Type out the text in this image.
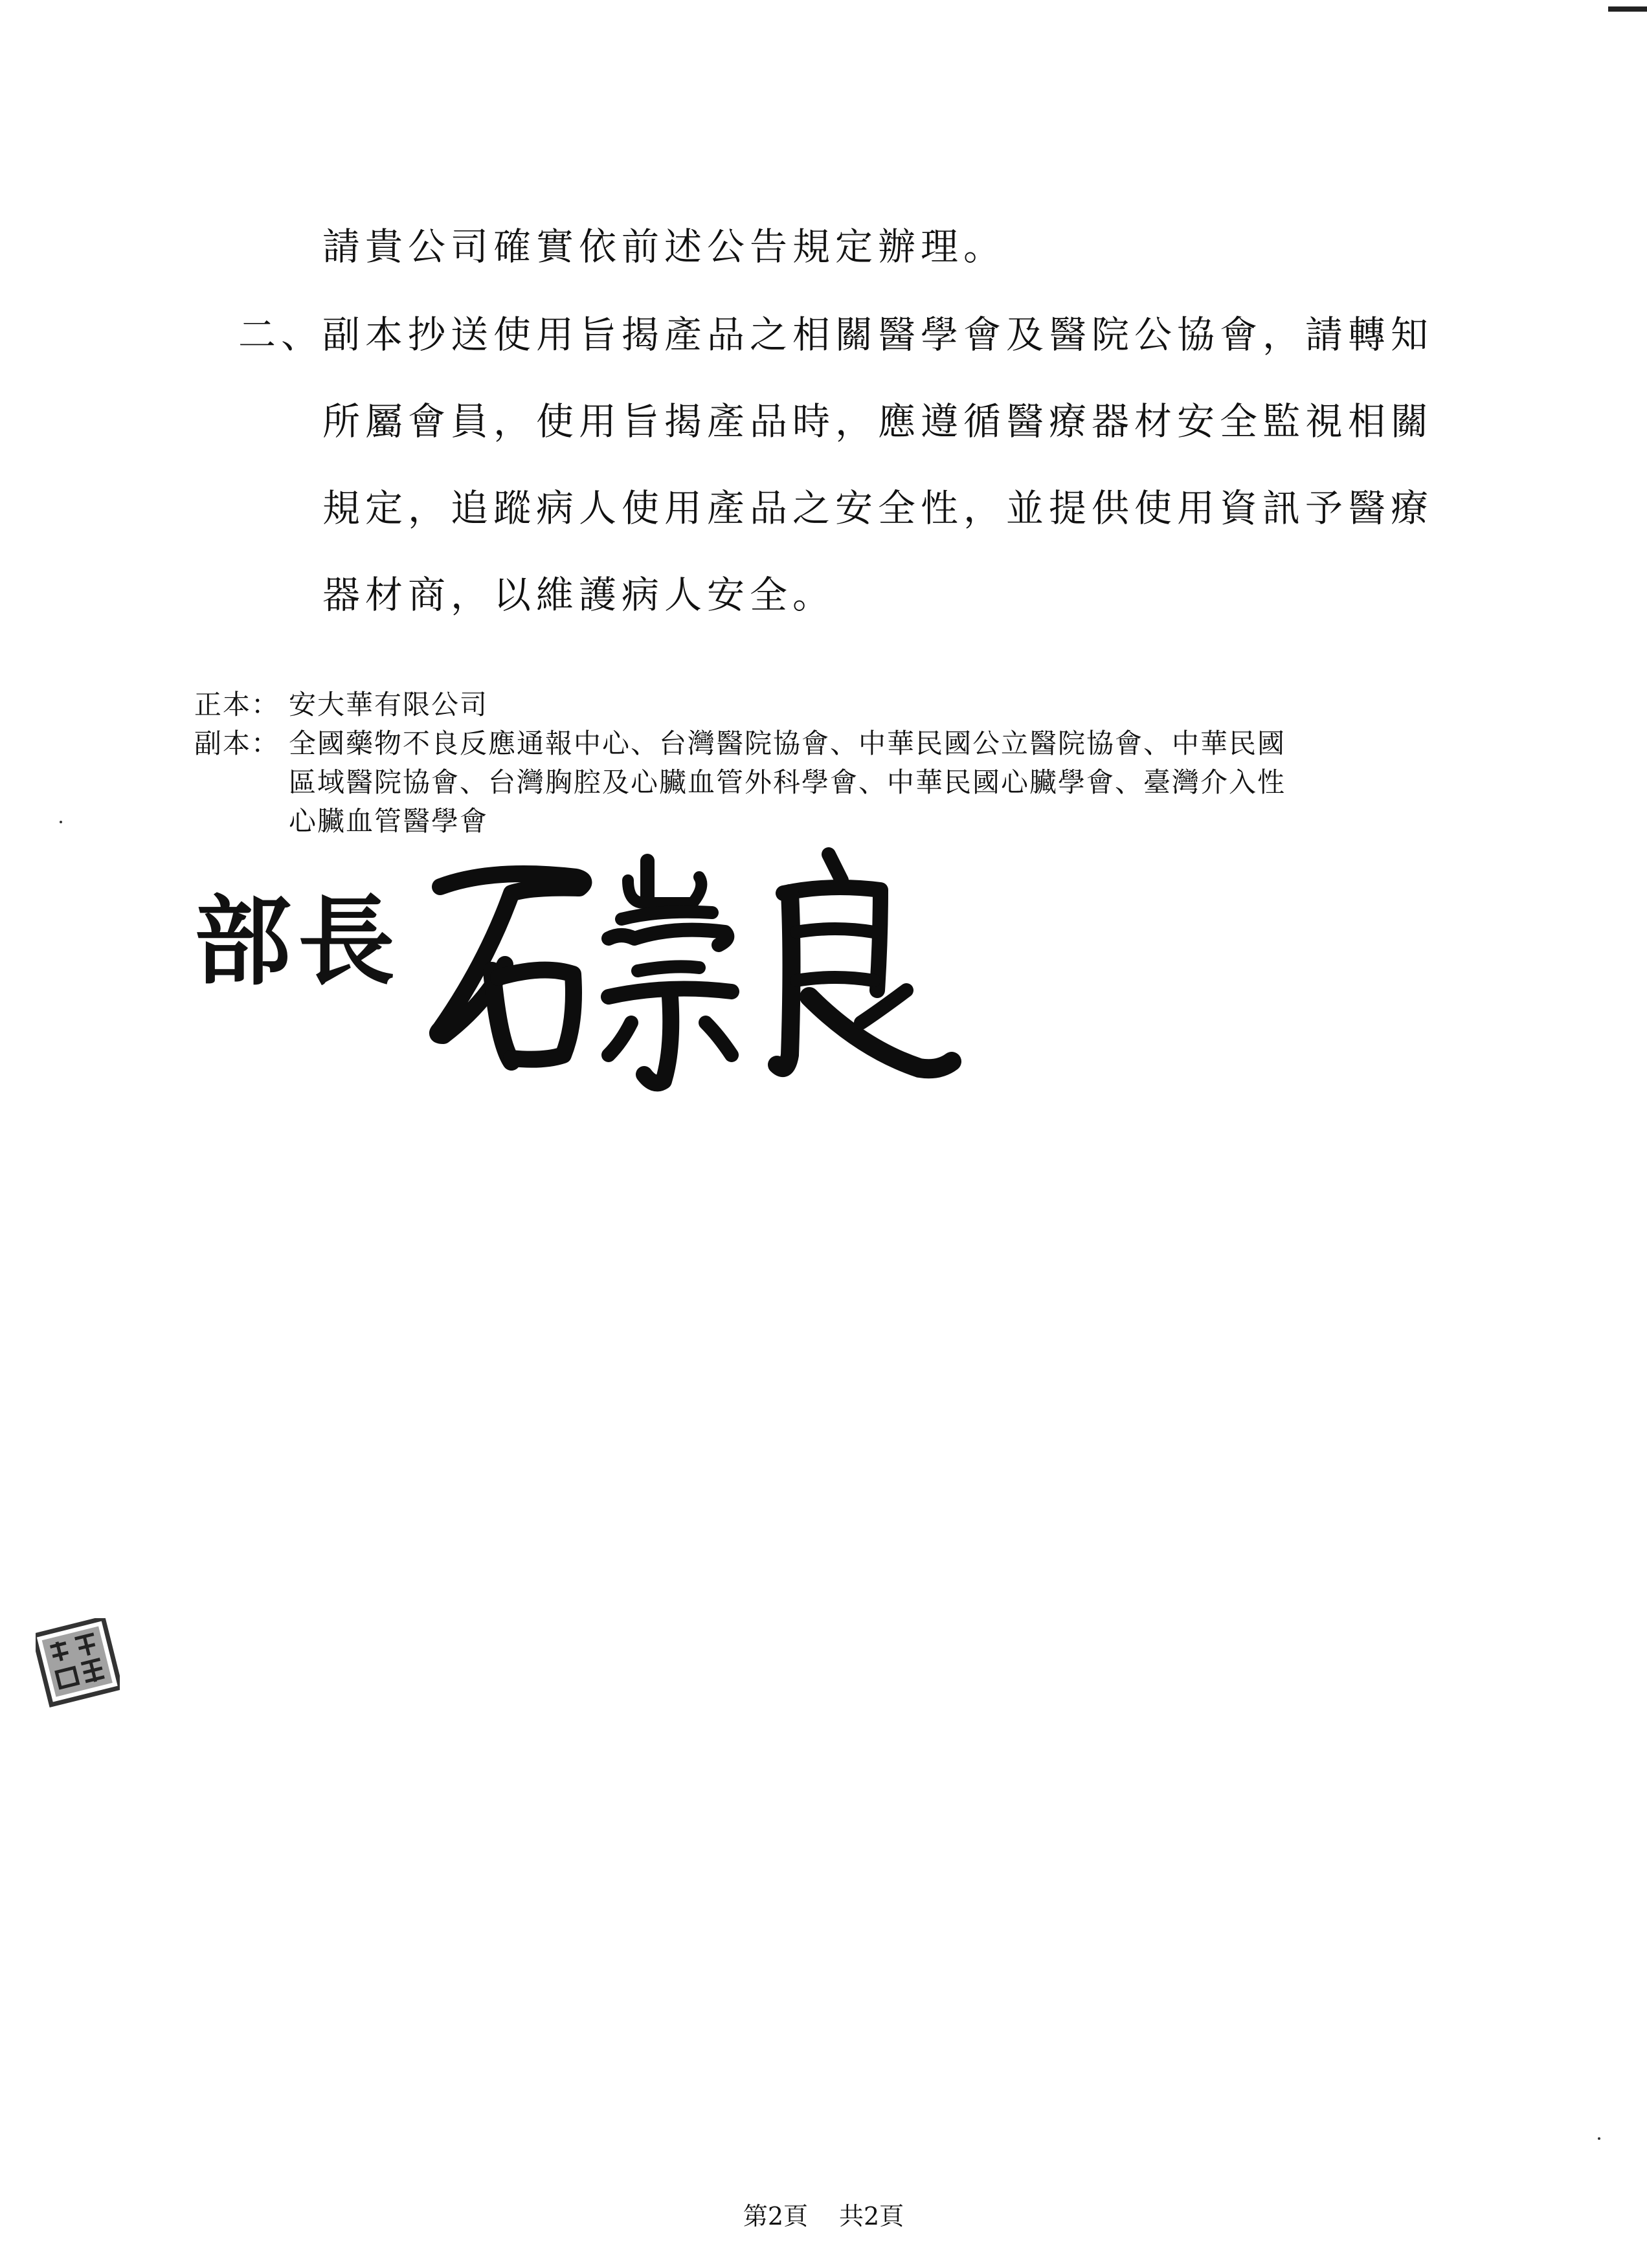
請貴公司確實依前述公告規定辦理。
二、
副本抄送使用旨揭產品之相關醫學會及醫院公協會，請轉知
所屬會員，使用旨揭產品時，應遵循醫療器材安全監視相關
規定，追蹤病人使用產品之安全性，並提供使用資訊予醫療
器材商，以維護病人安全。
正本： 安大華有限公司
副本： 全國藥物不良反應通報中心、台灣醫院協會、中華民國公立醫院協會、中華民國
區域醫院協會、台灣胸腔及心臟血管外科學會、中華民國心臟學會、臺灣介入性
心臟血管醫學會
部長
第2頁 共2頁
